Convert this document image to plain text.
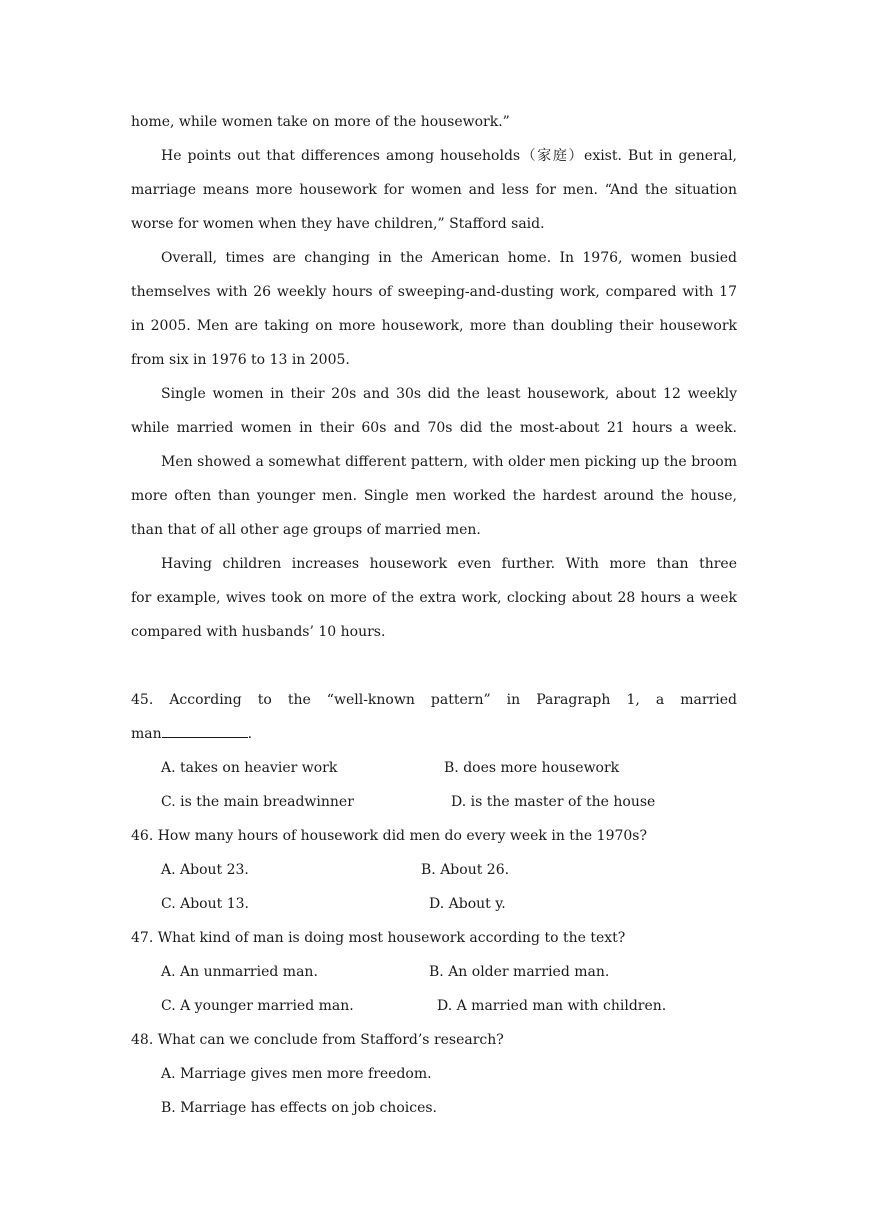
home, while women take on more of the housework.”
He points out that differences among households（家庭）exist. But in general,
marriage means more housework for women and less for men. “And the situation
worse for women when they have children,” Stafford said.
Overall, times are changing in the American home. In 1976, women busied
themselves with 26 weekly hours of sweeping-and-dusting work, compared with 17
in 2005. Men are taking on more housework, more than doubling their housework
from six in 1976 to 13 in 2005.
Single women in their 20s and 30s did the least housework, about 12 weekly
while married women in their 60s and 70s did the most-about 21 hours a week.
Men showed a somewhat different pattern, with older men picking up the broom
more often than younger men. Single men worked the hardest around the house,
than that of all other age groups of married men.
Having children increases housework even further. With more than three
for example, wives took on more of the extra work, clocking about 28 hours a week
compared with husbands’ 10 hours.
45. According to the “well-known pattern” in Paragraph 1, a married
man	.
A. takes on heavier work	B. does more housework
C. is the main breadwinner	D. is the master of the house
46. How many hours of housework did men do every week in the 1970s?
A. About 23.	B. About 26.
C. About 13.	D. About y.
47. What kind of man is doing most housework according to the text?
A. An unmarried man.	B. An older married man.
C. A younger married man.	D. A married man with children.
48. What can we conclude from Stafford’s research?
A. Marriage gives men more freedom.
B. Marriage has effects on job choices.
